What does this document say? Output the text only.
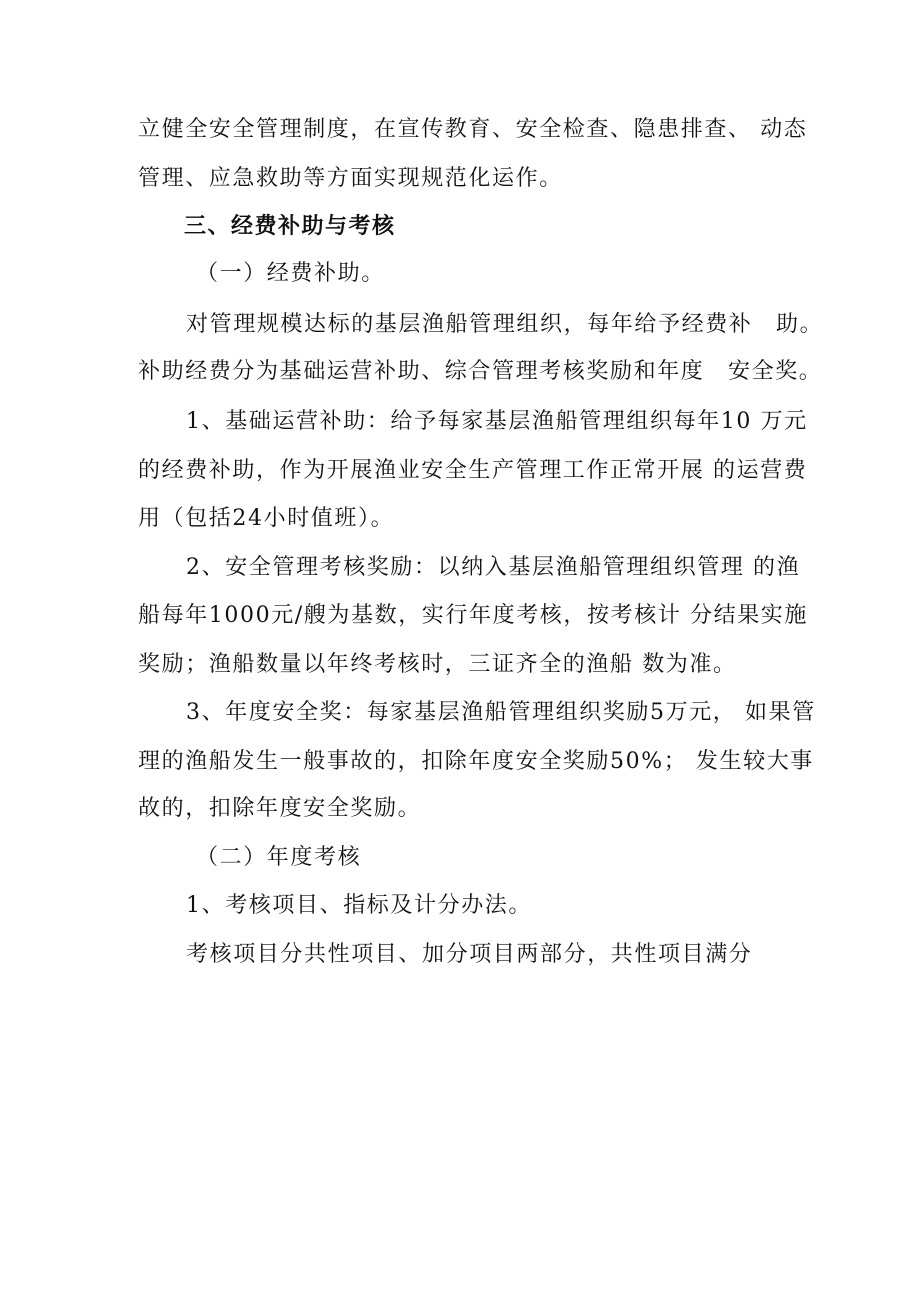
立健全安全管理制度，在宣传教育、安全检查、隐患排查、 动态
管理、应急救助等方面实现规范化运作。
三、经费补助与考核
（一）经费补助。
对管理规模达标的基层渔船管理组织，每年给予经费补　助。
补助经费分为基础运营补助、综合管理考核奖励和年度　安全奖。
1、基础运营补助：给予每家基层渔船管理组织每年10 万元
的经费补助，作为开展渔业安全生产管理工作正常开展 的运营费
用（包括24小时值班）。
2、安全管理考核奖励：以纳入基层渔船管理组织管理 的渔
船每年1000元/艘为基数，实行年度考核，按考核计 分结果实施
奖励；渔船数量以年终考核时，三证齐全的渔船 数为准。
3、年度安全奖：每家基层渔船管理组织奖励5万元， 如果管
理的渔船发生一般事故的，扣除年度安全奖励50%； 发生较大事
故的，扣除年度安全奖励。
（二）年度考核
1、考核项目、指标及计分办法。
考核项目分共性项目、加分项目两部分，共性项目满分
